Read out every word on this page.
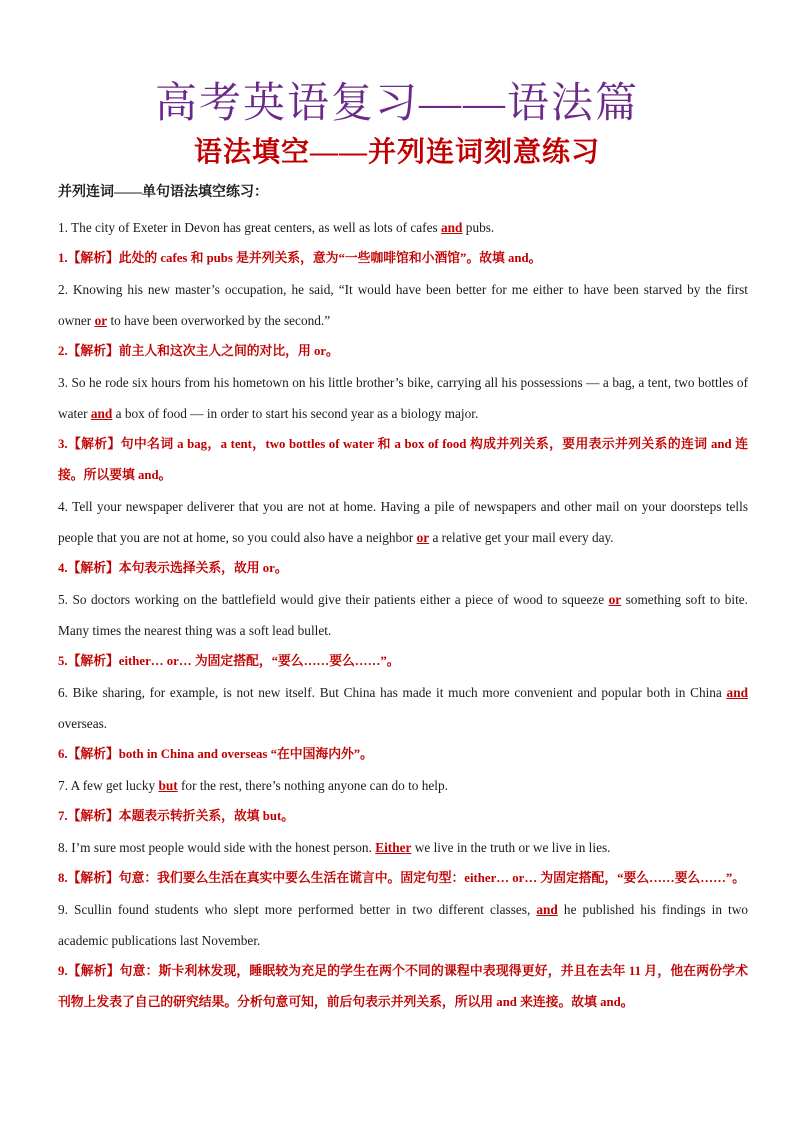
高考英语复习——语法篇
语法填空——并列连词刻意练习
并列连词——单句语法填空练习：

1. The city of Exeter in Devon has great centers, as well as lots of cafes and pubs.

1.【解析】此处的 cafes 和 pubs 是并列关系，意为“一些咖啡馆和小酒馆”。故填 and。

2. Knowing his new master’s occupation, he said, “It would have been better for me either to have been starved by the first owner or to have been overworked by the second.”

2.【解析】前主人和这次主人之间的对比，用 or。

3. So he rode six hours from his hometown on his little brother’s bike, carrying all his possessions — a bag, a tent, two bottles of water and a box of food — in order to start his second year as a biology major.

3.【解析】句中名词 a bag，a tent，two bottles of water 和 a box of food 构成并列关系，要用表示并列关系的连词 and 连接。所以要填 and。

4. Tell your newspaper deliverer that you are not at home. Having a pile of newspapers and other mail on your doorsteps tells people that you are not at home, so you could also have a neighbor or a relative get your mail every day.

4.【解析】本句表示选择关系，故用 or。

5. So doctors working on the battlefield would give their patients either a piece of wood to squeeze or something soft to bite. Many times the nearest thing was a soft lead bullet.

5.【解析】either… or… 为固定搭配，“要么……要么……”。

6. Bike sharing, for example, is not new itself. But China has made it much more convenient and popular both in China and overseas.

6.【解析】both in China and overseas “在中国海内外”。

7. A few get lucky but for the rest, there’s nothing anyone can do to help.

7.【解析】本题表示转折关系，故填 but。

8. I’m sure most people would side with the honest person. Either we live in the truth or we live in lies.

8.【解析】句意：我们要么生活在真实中要么生活在谎言中。固定句型：either… or… 为固定搭配，“要么……要么……”。

9. Scullin found students who slept more performed better in two different classes, and he published his findings in two academic publications last November.

9.【解析】句意：斯卡利林发现，睡眠较为充足的学生在两个不同的课程中表现得更好，并且在去年 11 月，他在两份学术刊物上发表了自己的研究结果。分析句意可知，前后句表示并列关系，所以用 and 来连接。故填 and。
